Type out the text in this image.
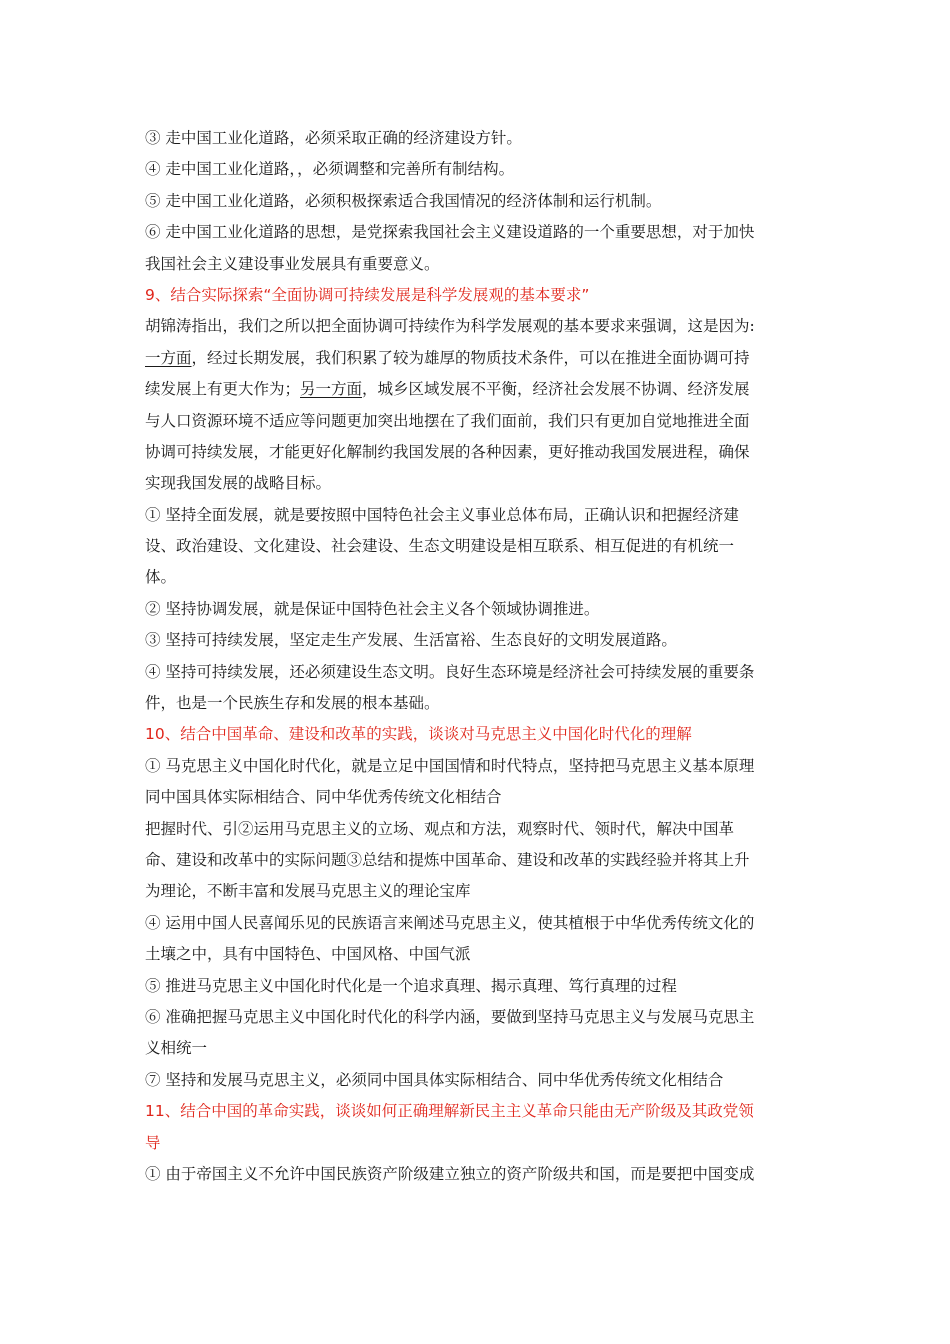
③ 走中国工业化道路，必须采取正确的经济建设方针。
④ 走中国工业化道路，，必须调整和完善所有制结构。
⑤ 走中国工业化道路，必须积极探索适合我国情况的经济体制和运行机制。
⑥ 走中国工业化道路的思想，是党探索我国社会主义建设道路的一个重要思想，对于加快
我国社会主义建设事业发展具有重要意义。
9、结合实际探索“全面协调可持续发展是科学发展观的基本要求”
胡锦涛指出，我们之所以把全面协调可持续作为科学发展观的基本要求来强调，这是因为:
一方面，经过长期发展，我们积累了较为雄厚的物质技术条件，可以在推进全面协调可持
续发展上有更大作为；另一方面，城乡区域发展不平衡，经济社会发展不协调、经济发展
与人口资源环境不适应等问题更加突出地摆在了我们面前，我们只有更加自觉地推进全面
协调可持续发展，才能更好化解制约我国发展的各种因素，更好推动我国发展进程，确保
实现我国发展的战略目标。
① 坚持全面发展，就是要按照中国特色社会主义事业总体布局，正确认识和把握经济建
设、政治建设、文化建设、社会建设、生态文明建设是相互联系、相互促进的有机统一
体。
② 坚持协调发展，就是保证中国特色社会主义各个领域协调推进。
③ 坚持可持续发展，坚定走生产发展、生活富裕、生态良好的文明发展道路。
④ 坚持可持续发展，还必须建设生态文明。良好生态环境是经济社会可持续发展的重要条
件，也是一个民族生存和发展的根本基础。
10、结合中国革命、建设和改革的实践，谈谈对马克思主义中国化时代化的理解
① 马克思主义中国化时代化，就是立足中国国情和时代特点，坚持把马克思主义基本原理
同中国具体实际相结合、同中华优秀传统文化相结合
把握时代、引②运用马克思主义的立场、观点和方法，观察时代、领时代，解决中国革
命、建设和改革中的实际问题③总结和提炼中国革命、建设和改革的实践经验并将其上升
为理论，不断丰富和发展马克思主义的理论宝库
④ 运用中国人民喜闻乐见的民族语言来阐述马克思主义，使其植根于中华优秀传统文化的
土壤之中，具有中国特色、中国风格、中国气派
⑤ 推进马克思主义中国化时代化是一个追求真理、揭示真理、笃行真理的过程
⑥ 准确把握马克思主义中国化时代化的科学内涵，要做到坚持马克思主义与发展马克思主
义相统一
⑦ 坚持和发展马克思主义，必须同中国具体实际相结合、同中华优秀传统文化相结合
11、结合中国的革命实践，谈谈如何正确理解新民主主义革命只能由无产阶级及其政党领
导
① 由于帝国主义不允许中国民族资产阶级建立独立的资产阶级共和国，而是要把中国变成
